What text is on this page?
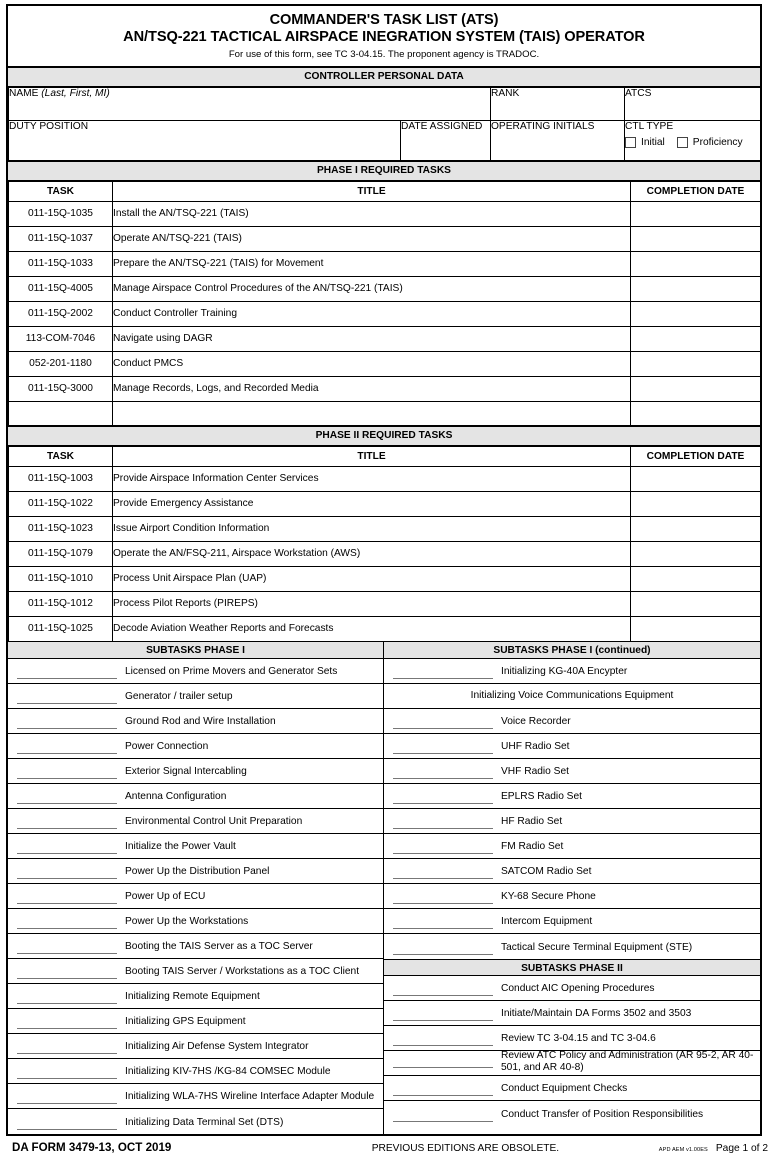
COMMANDER'S TASK LIST (ATS)
AN/TSQ-221 TACTICAL AIRSPACE INEGRATION SYSTEM (TAIS) OPERATOR
For use of this form, see TC 3-04.15. The proponent agency is TRADOC.
CONTROLLER PERSONAL DATA
NAME (Last, First, MI)		RANK	ATCS
DUTY POSITION	DATE ASSIGNED	OPERATING INITIALS	CTL TYPE
Initial Proficiency
PHASE I REQUIRED TASKS
TASK	TITLE	COMPLETION DATE
011-15Q-1035	Install the AN/TSQ-221 (TAIS)	
011-15Q-1037	Operate AN/TSQ-221 (TAIS)	
011-15Q-1033	Prepare the AN/TSQ-221 (TAIS) for Movement	
011-15Q-4005	Manage Airspace Control Procedures of the AN/TSQ-221 (TAIS)	
011-15Q-2002	Conduct Controller Training	
113-COM-7046	Navigate using DAGR	
052-201-1180	Conduct PMCS	
011-15Q-3000	Manage Records, Logs, and Recorded Media	

PHASE II REQUIRED TASKS
TASK	TITLE	COMPLETION DATE
011-15Q-1003	Provide Airspace Information Center Services	
011-15Q-1022	Provide Emergency Assistance	
011-15Q-1023	Issue Airport Condition Information	
011-15Q-1079	Operate the AN/FSQ-211, Airspace Workstation (AWS)	
011-15Q-1010	Process Unit Airspace Plan (UAP)	
011-15Q-1012	Process Pilot Reports (PIREPS)	
011-15Q-1025	Decode Aviation Weather Reports and Forecasts	
SUBTASKS PHASE I
Licensed on Prime Movers and Generator Sets
Generator / trailer setup
Ground Rod and Wire Installation
Power Connection
Exterior Signal Intercabling
Antenna Configuration
Environmental Control Unit Preparation
Initialize the Power Vault
Power Up the Distribution Panel
Power Up of ECU
Power Up the Workstations
Booting the TAIS Server as a TOC Server
Booting TAIS Server / Workstations as a TOC Client
Initializing Remote Equipment
Initializing GPS Equipment
Initializing Air Defense System Integrator
Initializing KIV-7HS /KG-84 COMSEC Module
Initializing WLA-7HS Wireline Interface Adapter Module
Initializing Data Terminal Set (DTS)
SUBTASKS PHASE I (continued)
Initializing KG-40A Encypter
Initializing Voice Communications Equipment
Voice Recorder
UHF Radio Set
VHF Radio Set
EPLRS Radio Set
HF Radio Set
FM Radio Set
SATCOM Radio Set
KY-68 Secure Phone
Intercom Equipment
Tactical Secure Terminal Equipment (STE)
SUBTASKS PHASE II
Conduct AIC Opening Procedures
Initiate/Maintain DA Forms 3502 and 3503
Review TC 3-04.15 and TC 3-04.6
Review ATC Policy and Administration (AR 95-2, AR 40-501, and AR 40-8)
Conduct Equipment Checks
Conduct Transfer of Position Responsibilities
DA FORM 3479-13, OCT 2019	PREVIOUS EDITIONS ARE OBSOLETE.	APD AEM v1.00ES Page 1 of 2
